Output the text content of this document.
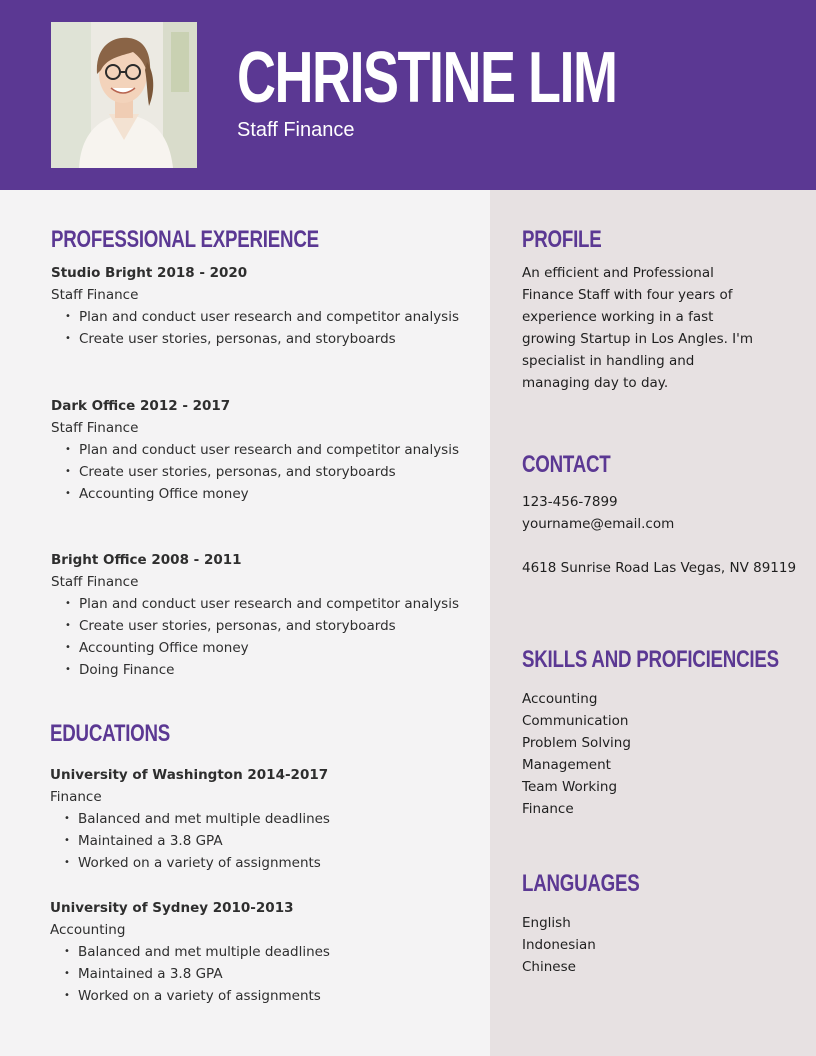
CHRISTINE LIM
Staff Finance
PROFESSIONAL EXPERIENCE
Studio Bright 2018 - 2020
Staff Finance
• Plan and conduct user research and competitor analysis
• Create user stories, personas, and storyboards
Dark Office 2012 - 2017
Staff Finance
• Plan and conduct user research and competitor analysis
• Create user stories, personas, and storyboards
• Accounting Office money
Bright Office 2008 - 2011
Staff Finance
• Plan and conduct user research and competitor analysis
• Create user stories, personas, and storyboards
• Accounting Office money
• Doing Finance
EDUCATIONS
University of Washington 2014-2017
Finance
• Balanced and met multiple deadlines
• Maintained a 3.8 GPA
• Worked on a variety of assignments
University of Sydney 2010-2013
Accounting
• Balanced and met multiple deadlines
• Maintained a 3.8 GPA
• Worked on a variety of assignments
PROFILE
An efficient and Professional
Finance Staff with four years of
experience working in a fast
growing Startup in Los Angles. I'm
specialist in handling and
managing day to day.
CONTACT
123-456-7899
yourname@email.com
4618 Sunrise Road Las Vegas, NV 89119
SKILLS AND PROFICIENCIES
Accounting
Communication
Problem Solving
Management
Team Working
Finance
LANGUAGES
English
Indonesian
Chinese
